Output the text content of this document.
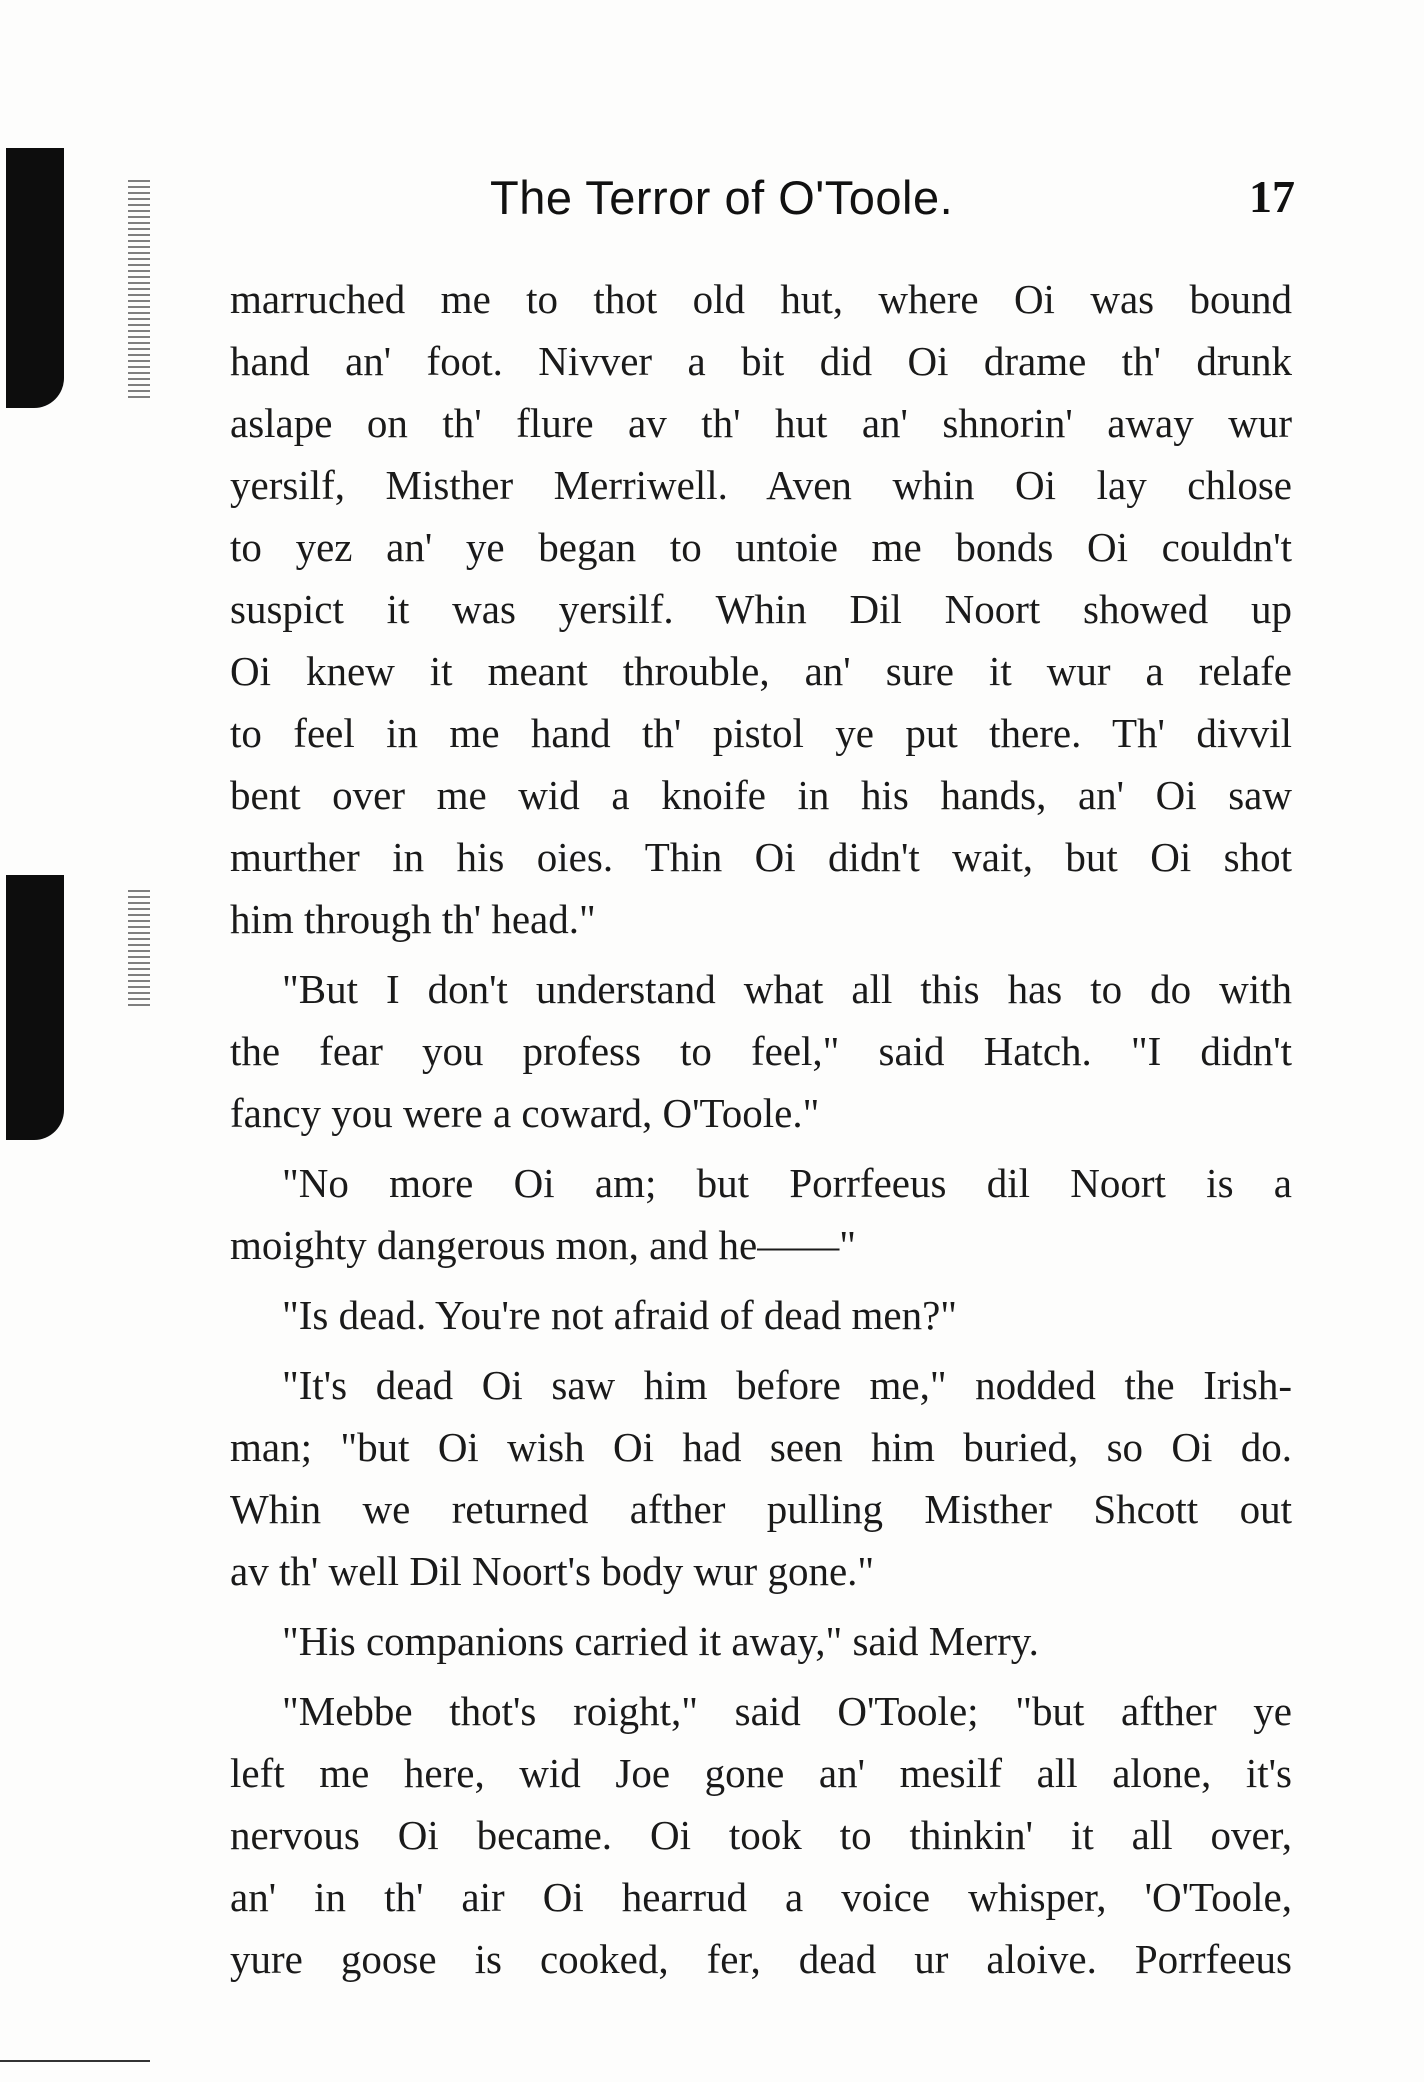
The Terror of O'Toole.	17
marruched me to thot old hut, where Oi was bound
hand an' foot. Nivver a bit did Oi drame th' drunk
aslape on th' flure av th' hut an' shnorin' away wur
yersilf, Misther Merriwell. Aven whin Oi lay chlose
to yez an' ye began to untoie me bonds Oi couldn't
suspict it was yersilf. Whin Dil Noort showed up
Oi knew it meant throuble, an' sure it wur a relafe
to feel in me hand th' pistol ye put there. Th' divvil
bent over me wid a knoife in his hands, an' Oi saw
murther in his oies. Thin Oi didn't wait, but Oi shot
him through th' head."
"But I don't understand what all this has to do with
the fear you profess to feel," said Hatch. "I didn't
fancy you were a coward, O'Toole."
"No more Oi am; but Porrfeeus dil Noort is a
moighty dangerous mon, and he——"
"Is dead. You're not afraid of dead men?"
"It's dead Oi saw him before me," nodded the Irish-
man; "but Oi wish Oi had seen him buried, so Oi do.
Whin we returned afther pulling Misther Shcott out
av th' well Dil Noort's body wur gone."
"His companions carried it away," said Merry.
"Mebbe thot's roight," said O'Toole; "but afther ye
left me here, wid Joe gone an' mesilf all alone, it's
nervous Oi became. Oi took to thinkin' it all over,
an' in th' air Oi hearrud a voice whisper, 'O'Toole,
yure goose is cooked, fer, dead ur aloive. Porrfeeus
